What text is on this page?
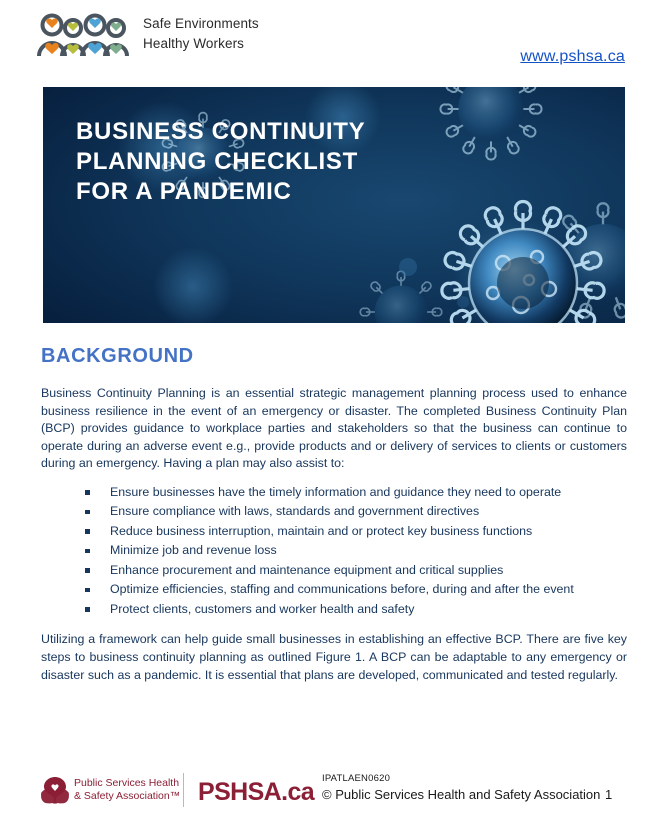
Safe Environments
Healthy Workers
www.pshsa.ca
BUSINESS CONTINUITY PLANNING CHECKLIST FOR A PANDEMIC
BACKGROUND

Business Continuity Planning is an essential strategic management planning process used to enhance business resilience in the event of an emergency or disaster. The completed Business Continuity Plan (BCP) provides guidance to workplace parties and stakeholders so that the business can continue to operate during an adverse event e.g., provide products and or delivery of services to clients or customers during an emergency. Having a plan may also assist to:

Ensure businesses have the timely information and guidance they need to operate
Ensure compliance with laws, standards and government directives
Reduce business interruption, maintain and or protect key business functions
Minimize job and revenue loss
Enhance procurement and maintenance equipment and critical supplies
Optimize efficiencies, staffing and communications before, during and after the event
Protect clients, customers and worker health and safety

Utilizing a framework can help guide small businesses in establishing an effective BCP. There are five key steps to business continuity planning as outlined Figure 1. A BCP can be adaptable to any emergency or disaster such as a pandemic. It is essential that plans are developed, communicated and tested regularly.

Public Services Health
& Safety Association™ PSHSA.ca IPATLAEN0620
© Public Services Health and Safety Association 1
